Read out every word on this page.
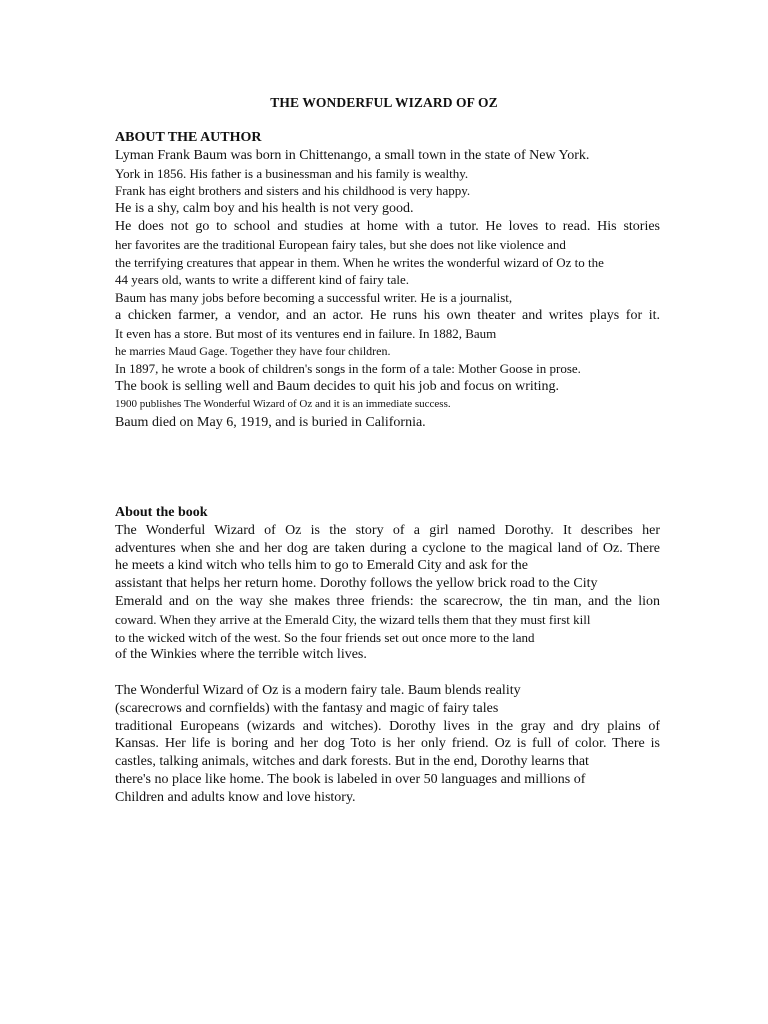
THE WONDERFUL WIZARD OF OZ
ABOUT THE AUTHOR
Lyman Frank Baum was born in Chittenango, a small town in the state of New York.
York in 1856. His father is a businessman and his family is wealthy.
Frank has eight brothers and sisters and his childhood is very happy.
He is a shy, calm boy and his health is not very good.
He does not go to school and studies at home with a tutor. He loves to read. His stories
her favorites are the traditional European fairy tales, but she does not like violence and
the terrifying creatures that appear in them. When he writes the wonderful wizard of Oz to the
44 years old, wants to write a different kind of fairy tale.
Baum has many jobs before becoming a successful writer. He is a journalist,
a chicken farmer, a vendor, and an actor. He runs his own theater and writes plays for it.
It even has a store. But most of its ventures end in failure. In 1882, Baum
he marries Maud Gage. Together they have four children.
In 1897, he wrote a book of children's songs in the form of a tale: Mother Goose in prose.
The book is selling well and Baum decides to quit his job and focus on writing.
1900 publishes The Wonderful Wizard of Oz and it is an immediate success.
Baum died on May 6, 1919, and is buried in California.
About the book
The Wonderful Wizard of Oz is the story of a girl named Dorothy. It describes her
adventures when she and her dog are taken during a cyclone to the magical land of Oz. There
he meets a kind witch who tells him to go to Emerald City and ask for the
assistant that helps her return home. Dorothy follows the yellow brick road to the City
Emerald and on the way she makes three friends: the scarecrow, the tin man, and the lion
coward. When they arrive at the Emerald City, the wizard tells them that they must first kill
to the wicked witch of the west. So the four friends set out once more to the land
of the Winkies where the terrible witch lives.
The Wonderful Wizard of Oz is a modern fairy tale. Baum blends reality
(scarecrows and cornfields) with the fantasy and magic of fairy tales
traditional Europeans (wizards and witches). Dorothy lives in the gray and dry plains of
Kansas. Her life is boring and her dog Toto is her only friend. Oz is full of color. There is
castles, talking animals, witches and dark forests. But in the end, Dorothy learns that
there's no place like home. The book is labeled in over 50 languages and millions of
Children and adults know and love history.
